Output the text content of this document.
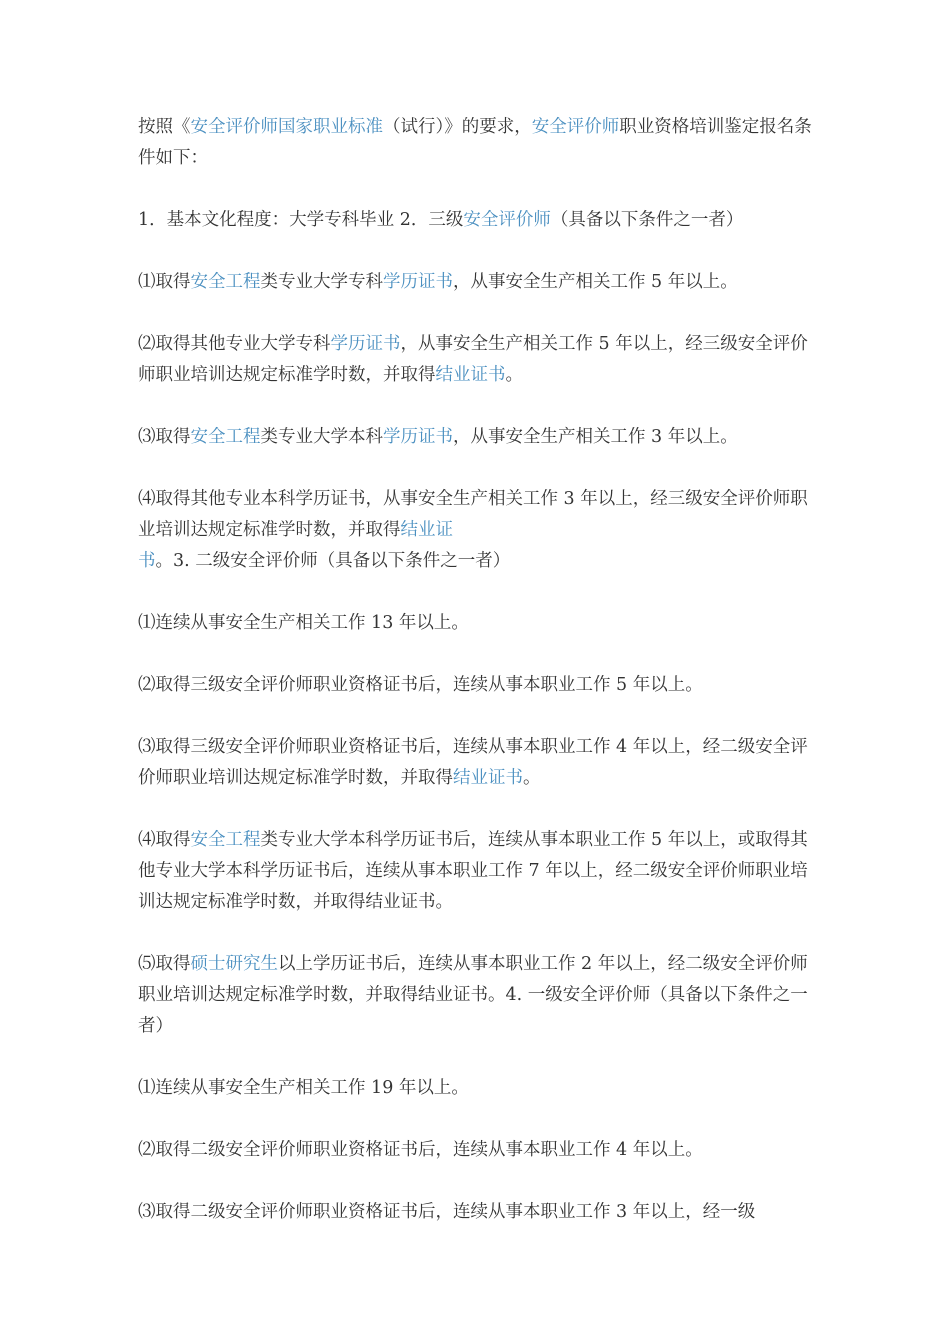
按照《安全评价师国家职业标准（试行）》的要求，安全评价师职业资格培训鉴定报名条件如下：

1．基本文化程度：大学专科毕业 2．三级安全评价师（具备以下条件之一者）

⑴取得安全工程类专业大学专科学历证书，从事安全生产相关工作 5 年以上。

⑵取得其他专业大学专科学历证书，从事安全生产相关工作 5 年以上，经三级安全评价师职业培训达规定标准学时数，并取得结业证书。

⑶取得安全工程类专业大学本科学历证书，从事安全生产相关工作 3 年以上。

⑷取得其他专业本科学历证书，从事安全生产相关工作 3 年以上，经三级安全评价师职业培训达规定标准学时数，并取得结业证书。3. 二级安全评价师（具备以下条件之一者）

⑴连续从事安全生产相关工作 13 年以上。

⑵取得三级安全评价师职业资格证书后，连续从事本职业工作 5 年以上。

⑶取得三级安全评价师职业资格证书后，连续从事本职业工作 4 年以上，经二级安全评价师职业培训达规定标准学时数，并取得结业证书。

⑷取得安全工程类专业大学本科学历证书后，连续从事本职业工作 5 年以上，或取得其他专业大学本科学历证书后，连续从事本职业工作 7 年以上，经二级安全评价师职业培训达规定标准学时数，并取得结业证书。

⑸取得硕士研究生以上学历证书后，连续从事本职业工作 2 年以上，经二级安全评价师职业培训达规定标准学时数，并取得结业证书。4. 一级安全评价师（具备以下条件之一者）

⑴连续从事安全生产相关工作 19 年以上。

⑵取得二级安全评价师职业资格证书后，连续从事本职业工作 4 年以上。

⑶取得二级安全评价师职业资格证书后，连续从事本职业工作 3 年以上，经一级
